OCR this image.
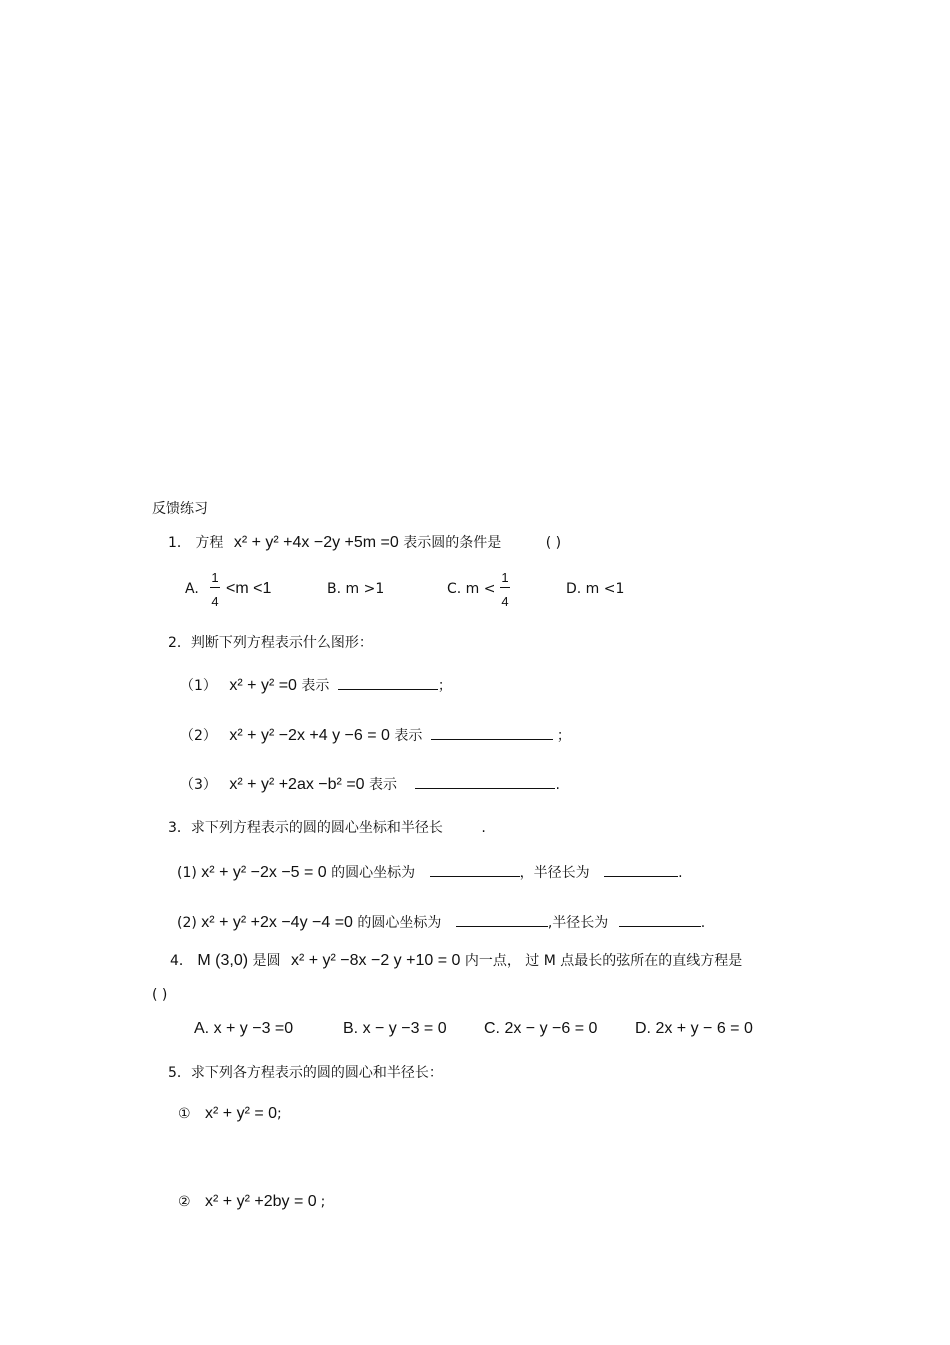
反馈练习
1． 方程 x² + y² +4x −2y +5m =0 表示圆的条件是	( )
A.
1
4
<m <1	B. m >1	C. m <
1
4
D. m <1
2．判断下列方程表示什么图形：
（1） x² + y² =0 表示	；
（2） x² + y² −2x +4 y −6 = 0 表示	；
（3） x² + y² +2ax −b² =0 表示	.
3．求下列方程表示的圆的圆心坐标和半径长	.
(1) x² + y² −2x −5 = 0 的圆心坐标为	，半径长为	.
(2) x² + y² +2x −4y −4 =0 的圆心坐标为	,半径长为	.
4． M (3,0) 是圆 x² + y² −8x −2 y +10 = 0 内一点， 过 M 点最长的弦所在的直线方程是
( )
A. x + y −3 =0	B. x − y −3 = 0 C. 2x − y −6 = 0 D. 2x + y − 6 = 0
5．求下列各方程表示的圆的圆心和半径长：
① x² + y² = 0;
② x² + y² +2by = 0 ;
